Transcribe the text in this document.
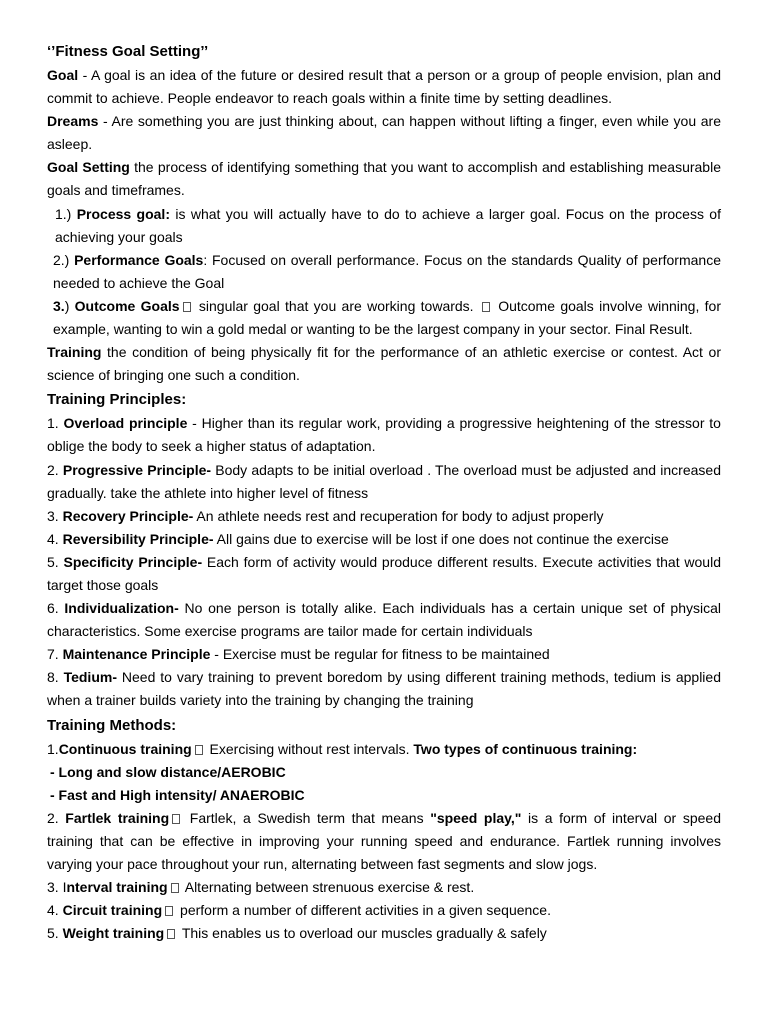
‘’Fitness Goal Setting’’

Goal - A goal is an idea of the future or desired result that a person or a group of people envision, plan and commit to achieve. People endeavor to reach goals within a finite time by setting deadlines.

Dreams - Are something you are just thinking about, can happen without lifting a finger, even while you are asleep.

Goal Setting the process of identifying something that you want to accomplish and establishing measurable goals and timeframes.

1.) Process goal: is what you will actually have to do to achieve a larger goal. Focus on the process of achieving your goals

2.) Performance Goals: Focused on overall performance. Focus on the standards Quality of performance needed to achieve the Goal

3.) Outcome Goals singular goal that you are working towards.  Outcome goals involve winning, for example, wanting to win a gold medal or wanting to be the largest company in your sector. Final Result.

Training the condition of being physically fit for the performance of an athletic exercise or contest. Act or science of bringing one such a condition.

Training Principles:

1. Overload principle - Higher than its regular work, providing a progressive heightening of the stressor to oblige the body to seek a higher status of adaptation.

2. Progressive Principle- Body adapts to be initial overload . The overload must be adjusted and increased gradually. take the athlete into higher level of fitness

3. Recovery Principle- An athlete needs rest and recuperation for body to adjust properly

4. Reversibility Principle- All gains due to exercise will be lost if one does not continue the exercise

5. Specificity Principle- Each form of activity would produce different results. Execute activities that would target those goals

6. Individualization- No one person is totally alike. Each individuals has a certain unique set of physical characteristics. Some exercise programs are tailor made for certain individuals

7. Maintenance Principle - Exercise must be regular for fitness to be maintained

8. Tedium- Need to vary training to prevent boredom by using different training methods, tedium is applied when a trainer builds variety into the training by changing the training

Training Methods:

1.Continuous training Exercising without rest intervals. Two types of continuous training:

- Long and slow distance/AEROBIC

- Fast and High intensity/ ANAEROBIC

2. Fartlek training Fartlek, a Swedish term that means "speed play," is a form of interval or speed training that can be effective in improving your running speed and endurance. Fartlek running involves varying your pace throughout your run, alternating between fast segments and slow jogs.

3. Interval training Alternating between strenuous exercise & rest.

4. Circuit training perform a number of different activities in a given sequence.

5. Weight training This enables us to overload our muscles gradually & safely
